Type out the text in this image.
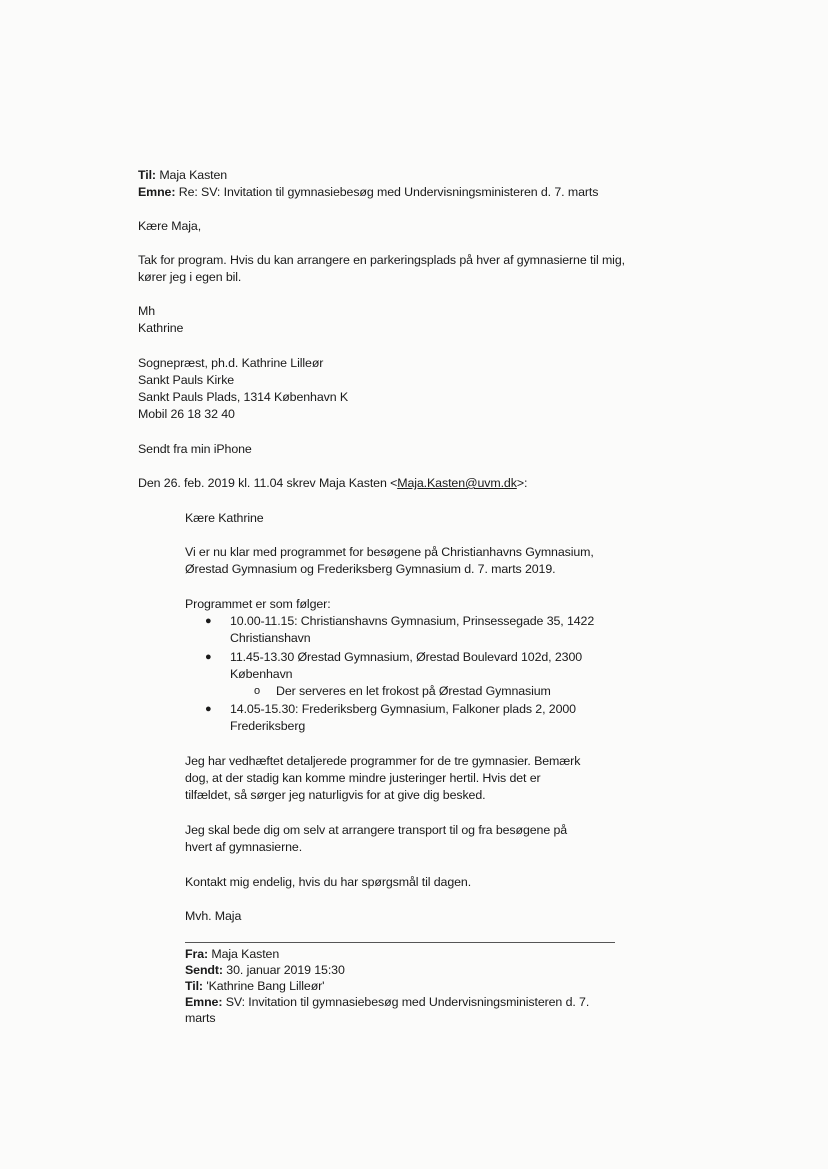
Til: Maja Kasten
Emne: Re: SV: Invitation til gymnasiebesøg med Undervisningsministeren d. 7. marts
Kære Maja,
Tak for program. Hvis du kan arrangere en parkeringsplads på hver af gymnasierne til mig,
kører jeg i egen bil.
Mh
Kathrine
Sognepræst, ph.d. Kathrine Lilleør
Sankt Pauls Kirke
Sankt Pauls Plads, 1314 København K
Mobil 26 18 32 40
Sendt fra min iPhone
Den 26. feb. 2019 kl. 11.04 skrev Maja Kasten <Maja.Kasten@uvm.dk>:
Kære Kathrine
Vi er nu klar med programmet for besøgene på Christianhavns Gymnasium,
Ørestad Gymnasium og Frederiksberg Gymnasium d. 7. marts 2019.
Programmet er som følger:
● 10.00-11.15: Christianshavns Gymnasium, Prinsessegade 35, 1422
Christianshavn
● 11.45-13.30 Ørestad Gymnasium, Ørestad Boulevard 102d, 2300
København
o Der serveres en let frokost på Ørestad Gymnasium
● 14.05-15.30: Frederiksberg Gymnasium, Falkoner plads 2, 2000
Frederiksberg
Jeg har vedhæftet detaljerede programmer for de tre gymnasier. Bemærk
dog, at der stadig kan komme mindre justeringer hertil. Hvis det er
tilfældet, så sørger jeg naturligvis for at give dig besked.
Jeg skal bede dig om selv at arrangere transport til og fra besøgene på
hvert af gymnasierne.
Kontakt mig endelig, hvis du har spørgsmål til dagen.
Mvh. Maja
Fra: Maja Kasten
Sendt: 30. januar 2019 15:30
Til: 'Kathrine Bang Lilleør'
Emne: SV: Invitation til gymnasiebesøg med Undervisningsministeren d. 7.
marts
